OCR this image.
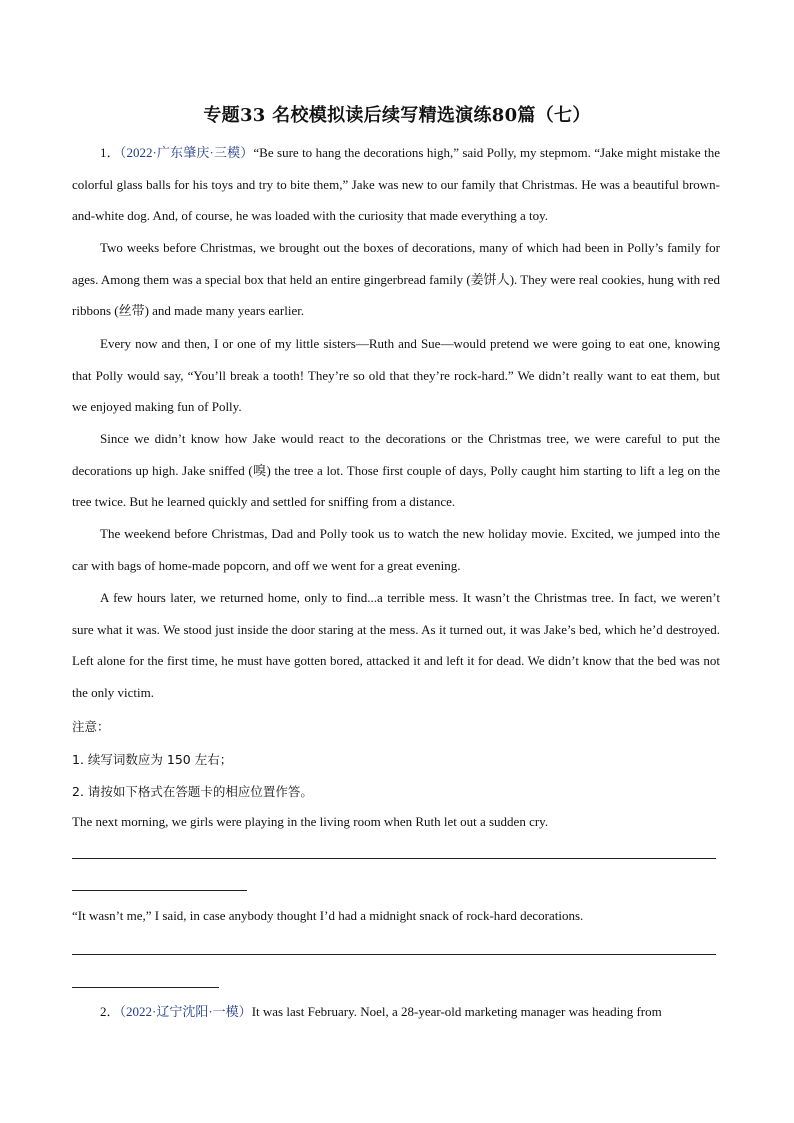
专题33 名校模拟读后续写精选演练80篇（七）

1．（2022·广东肇庆·三模）“Be sure to hang the decorations high,” said Polly, my stepmom. “Jake might mistake the colorful glass balls for his toys and try to bite them,” Jake was new to our family that Christmas. He was a beautiful brown-and-white dog. And, of course, he was loaded with the curiosity that made everything a toy.

Two weeks before Christmas, we brought out the boxes of decorations, many of which had been in Polly’s family for ages. Among them was a special box that held an entire gingerbread family (姜饼人). They were real cookies, hung with red ribbons (丝带) and made many years earlier.

Every now and then, I or one of my little sisters—Ruth and Sue—would pretend we were going to eat one, knowing that Polly would say, “You’ll break a tooth! They’re so old that they’re rock-hard.” We didn’t really want to eat them, but we enjoyed making fun of Polly.

Since we didn’t know how Jake would react to the decorations or the Christmas tree, we were careful to put the decorations up high. Jake sniffed (嗅) the tree a lot. Those first couple of days, Polly caught him starting to lift a leg on the tree twice. But he learned quickly and settled for sniffing from a distance.

The weekend before Christmas, Dad and Polly took us to watch the new holiday movie. Excited, we jumped into the car with bags of home-made popcorn, and off we went for a great evening.

A few hours later, we returned home, only to find...a terrible mess. It wasn’t the Christmas tree. In fact, we weren’t sure what it was. We stood just inside the door staring at the mess. As it turned out, it was Jake’s bed, which he’d destroyed. Left alone for the first time, he must have gotten bored, attacked it and left it for dead. We didn’t know that the bed was not the only victim.

注意：
1. 续写词数应为 150 左右；
2. 请按如下格式在答题卡的相应位置作答。
The next morning, we girls were playing in the living room when Ruth let out a sudden cry.
“It wasn’t me,” I said, in case anybody thought I’d had a midnight snack of rock-hard decorations.

2．（2022·辽宁沈阳·一模）It was last February. Noel, a 28-year-old marketing manager was heading from
